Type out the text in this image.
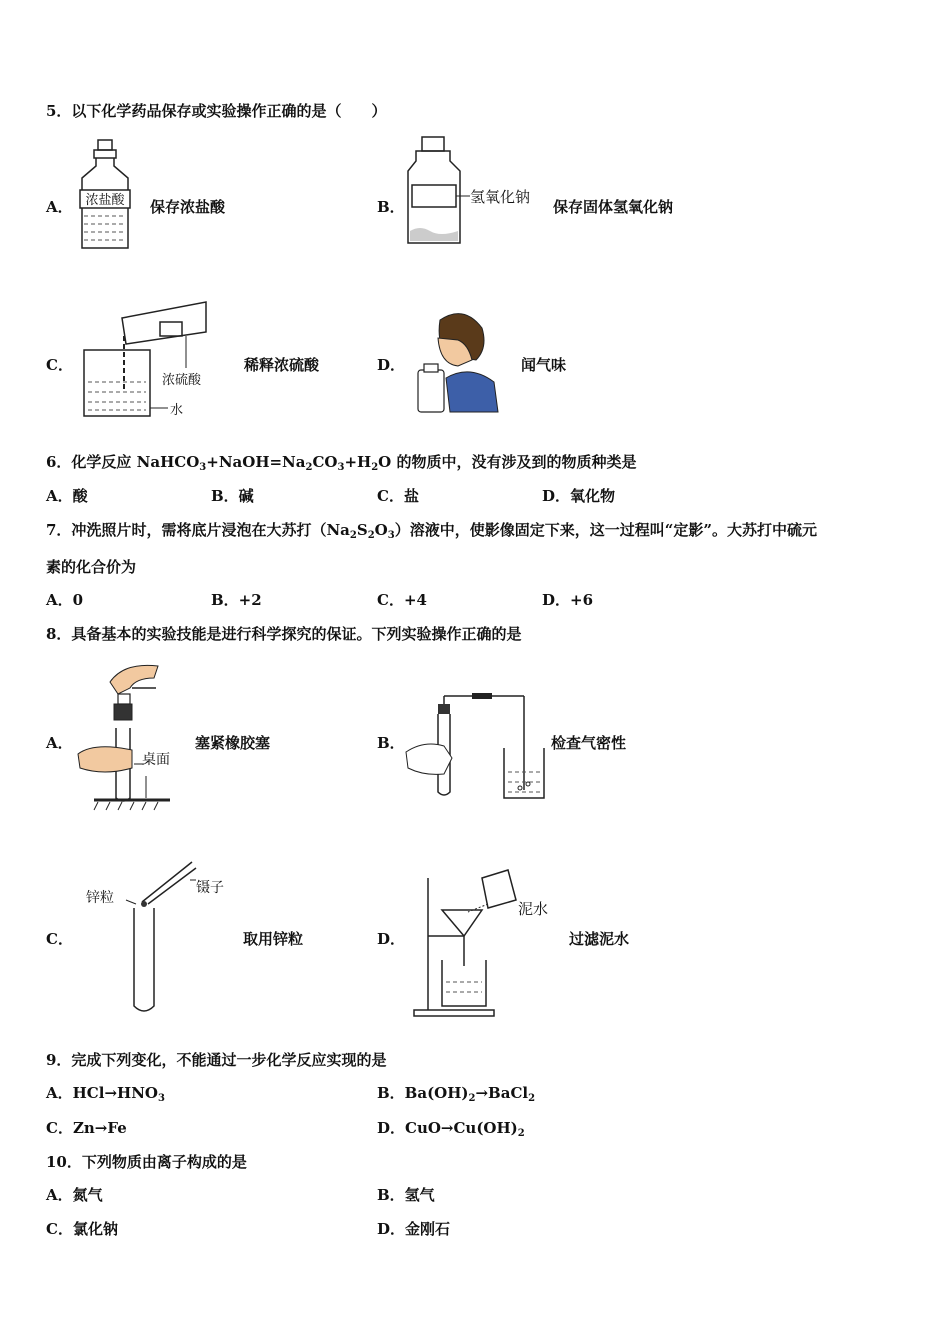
5．以下化学药品保存或实验操作正确的是（　　）
A． 浓盐酸 保存浓盐酸	B．
氢氧化钠
保存固体氢氧化钠
C．
浓硫酸
水
稀释浓硫酸	D．	闻气味
6．化学反应 $NaHCO_3+NaOH=Na_2CO_3+H_2O$ 的物质中，没有涉及到的物质种类是
A．酸	B．碱	C．盐	D．氧化物
7．冲洗照片时，需将底片浸泡在大苏打$(Na_2S_2O_3)$溶液中，使影像固定下来，这一过程叫“定影”。大苏打中硫元
素的化合价为
A．0	B．+2	C．+4	D．+6
8．具备基本的实验技能是进行科学探究的保证。下列实验操作正确的是
A．
桌面
塞紧橡胶塞	B．	检查气密性
C．
锌粒
镊子
取用锌粒	D．
泥水
过滤泥水
9．完成下列变化，不能通过一步化学反应实现的是
A．$HCl\to HNO_3$	B．$Ba(OH)_2\to BaCl_2$
C．Zn→Fe	D．$CuO\to Cu(OH)_2$
10．下列物质由离子构成的是
A．氮气	B．氢气
C．氯化钠	D．金刚石
